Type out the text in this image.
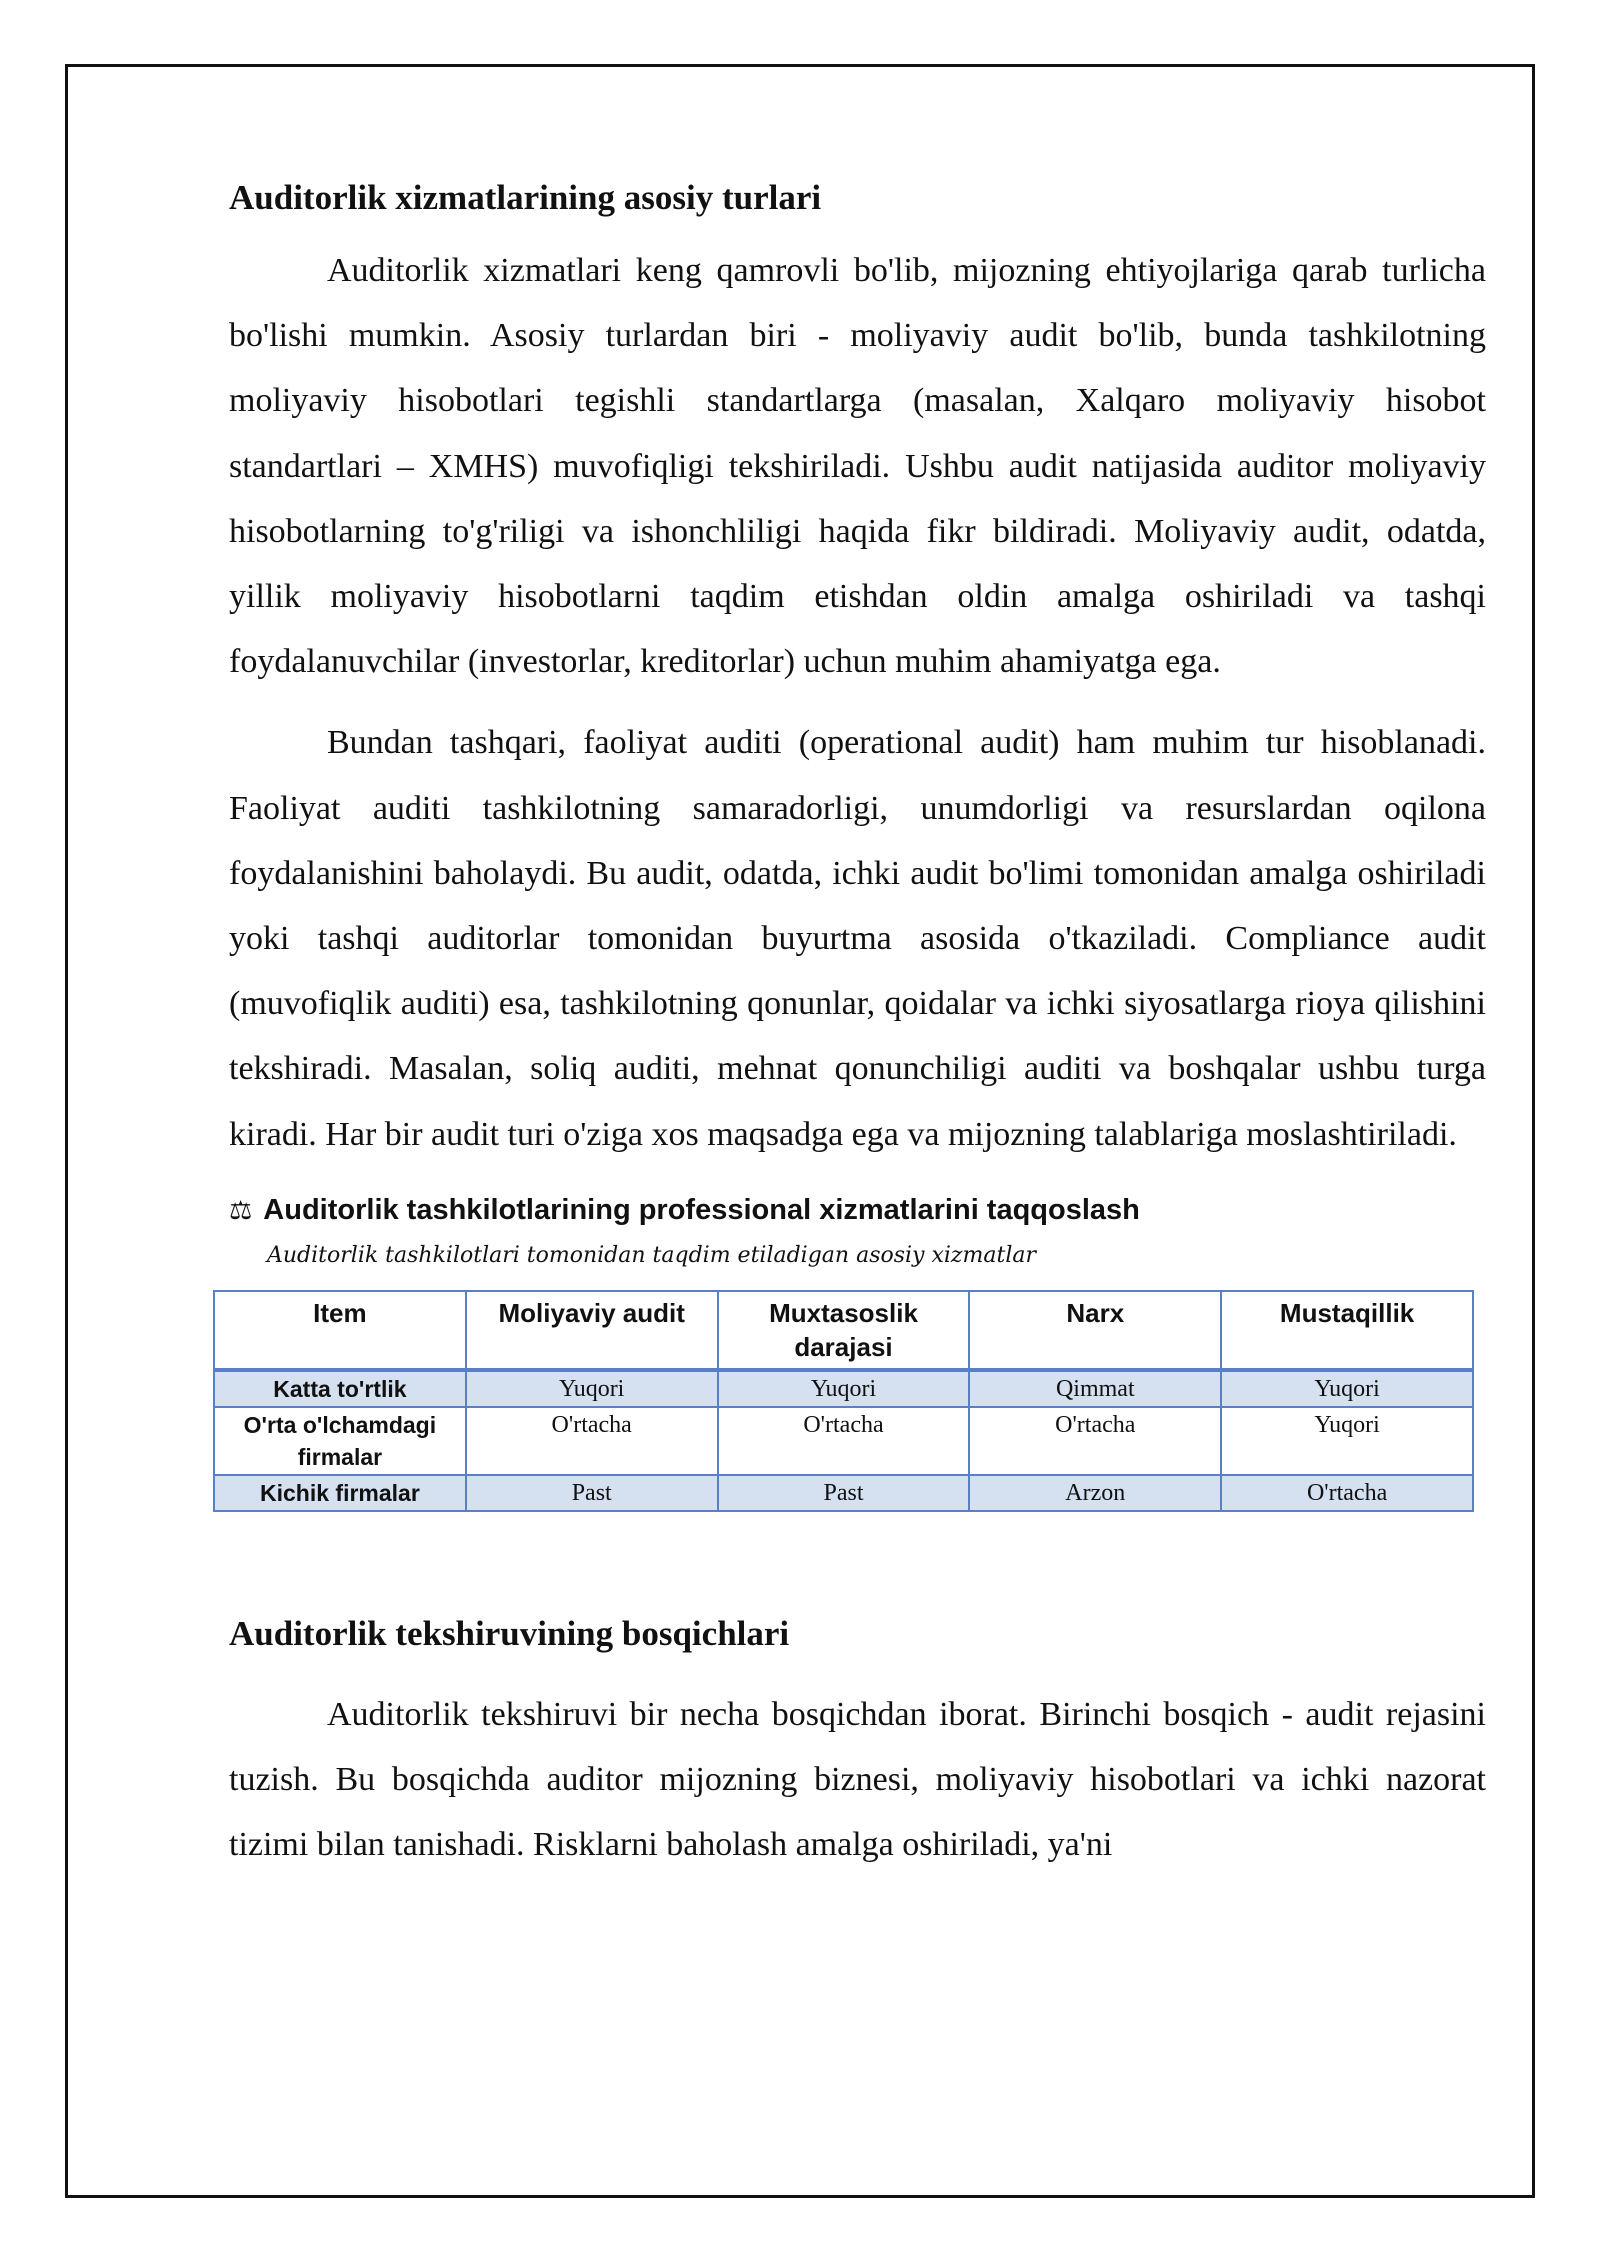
Auditorlik xizmatlarining asosiy turlari

Auditorlik xizmatlari keng qamrovli bo'lib, mijozning ehtiyojlariga qarab turlicha bo'lishi mumkin. Asosiy turlardan biri - moliyaviy audit bo'lib, bunda tashkilotning moliyaviy hisobotlari tegishli standartlarga (masalan, Xalqaro moliyaviy hisobot standartlari – XMHS) muvofiqligi tekshiriladi. Ushbu audit natijasida auditor moliyaviy hisobotlarning to'g'riligi va ishonchliligi haqida fikr bildiradi. Moliyaviy audit, odatda, yillik moliyaviy hisobotlarni taqdim etishdan oldin amalga oshiriladi va tashqi foydalanuvchilar (investorlar, kreditorlar) uchun muhim ahamiyatga ega.

Bundan tashqari, faoliyat auditi (operational audit) ham muhim tur hisoblanadi. Faoliyat auditi tashkilotning samaradorligi, unumdorligi va resurslardan oqilona foydalanishini baholaydi. Bu audit, odatda, ichki audit bo'limi tomonidan amalga oshiriladi yoki tashqi auditorlar tomonidan buyurtma asosida o'tkaziladi. Compliance audit (muvofiqlik auditi) esa, tashkilotning qonunlar, qoidalar va ichki siyosatlarga rioya qilishini tekshiradi. Masalan, soliq auditi, mehnat qonunchiligi auditi va boshqalar ushbu turga kiradi. Har bir audit turi o'ziga xos maqsadga ega va mijozning talablariga moslashtiriladi.

⚖ Auditorlik tashkilotlarining professional xizmatlarini taqqoslash
Auditorlik tashkilotlari tomonidan taqdim etiladigan asosiy xizmatlar
Item	Moliyaviy audit	Muxtasoslik darajasi	Narx	Mustaqillik
Katta to'rtlik	Yuqori	Yuqori	Qimmat	Yuqori
O'rta o'lchamdagi firmalar	O'rtacha	O'rtacha	O'rtacha	Yuqori
Kichik firmalar	Past	Past	Arzon	O'rtacha
Auditorlik tekshiruvining bosqichlari

Auditorlik tekshiruvi bir necha bosqichdan iborat. Birinchi bosqich - audit rejasini tuzish. Bu bosqichda auditor mijozning biznesi, moliyaviy hisobotlari va ichki nazorat tizimi bilan tanishadi. Risklarni baholash amalga oshiriladi, ya'ni
